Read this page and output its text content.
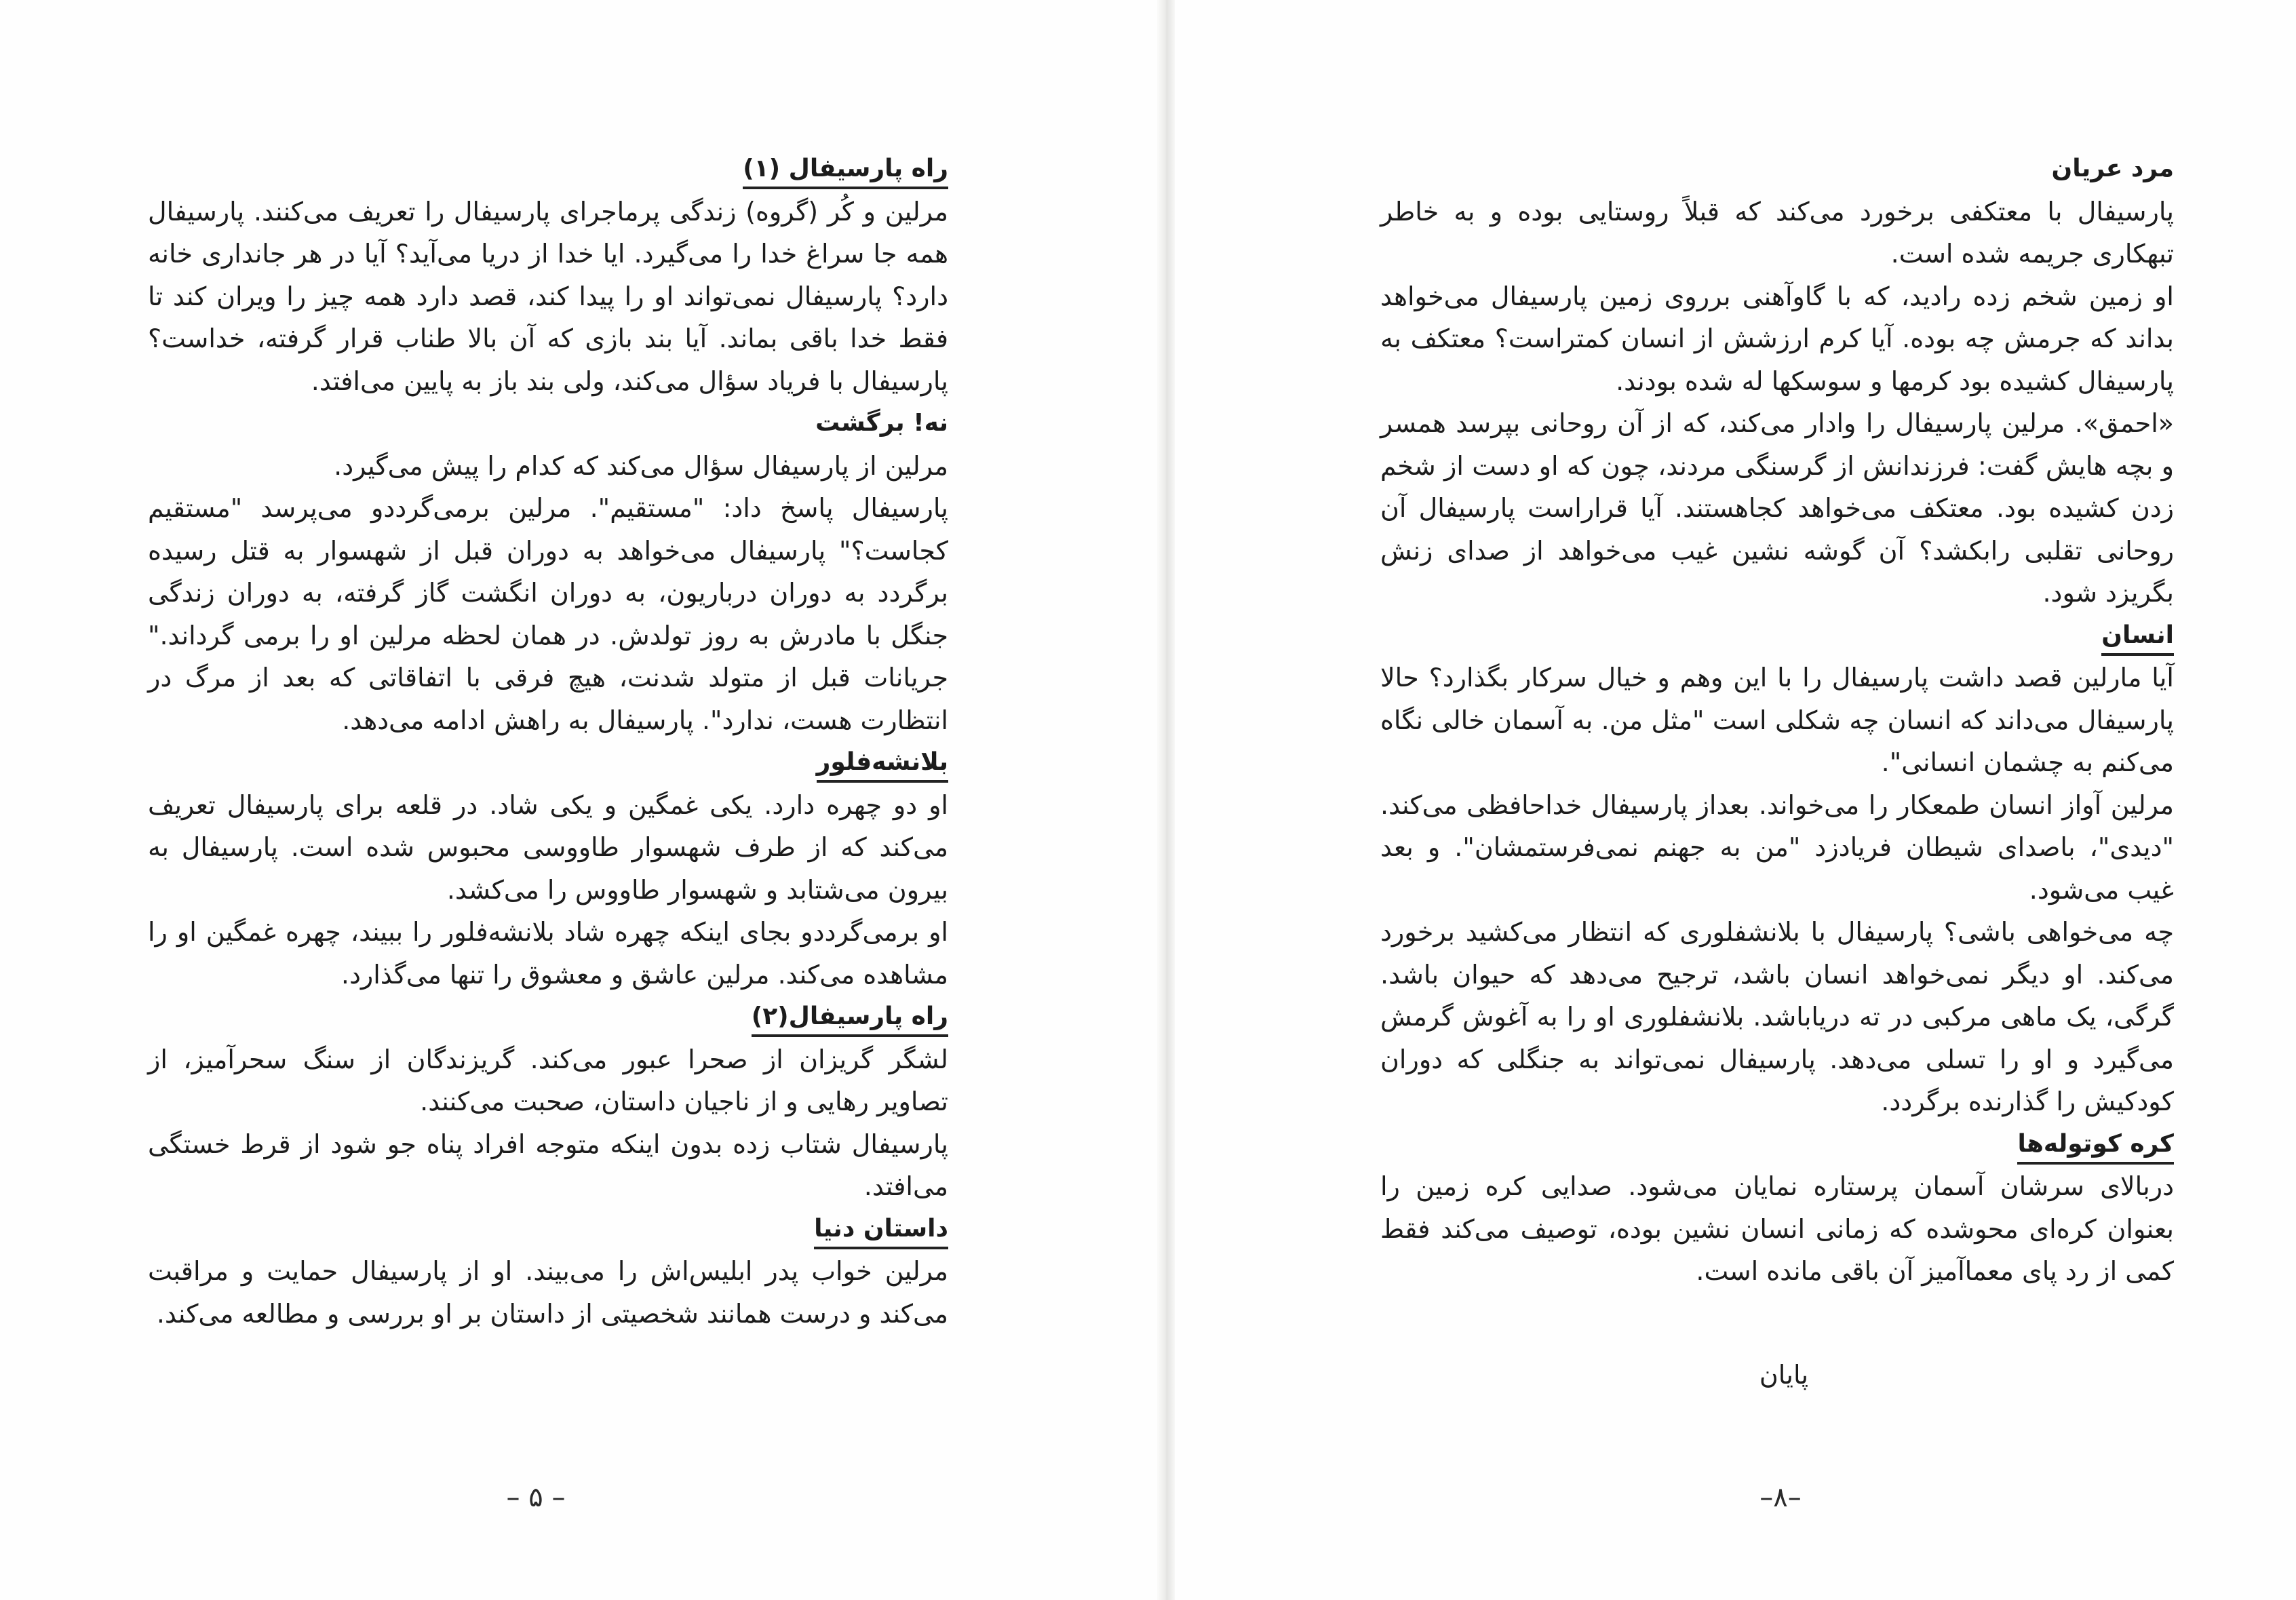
راه پارسیفال (۱)

مرلین و کُر (گروه) زندگی پرماجرای پارسیفال را تعریف می‌کنند. پارسیفال همه جا سراغ خدا را می‌گیرد. ایا خدا از دریا می‌آید؟ آیا در هر جانداری خانه دارد؟ پارسیفال نمی‌تواند او را پیدا کند، قصد دارد همه چیز را ویران کند تا فقط خدا باقی بماند. آیا بند بازی که آن بالا طناب قرار گرفته، خداست؟ پارسیفال با فریاد سؤال می‌کند، ولی بند باز به پایین می‌افتد.

نه! برگشت

مرلین از پارسیفال سؤال می‌کند که کدام را پیش می‌گیرد.

پارسیفال پاسخ داد: "مستقیم". مرلین برمی‌گرددو می‌پرسد "مستقیم کجاست؟" پارسیفال می‌خواهد به دوران قبل از شهسوار به قتل رسیده برگردد به دوران درباریون، به دوران انگشت گاز گرفته، به دوران زندگی جنگل با مادرش به روز تولدش. در همان لحظه مرلین او را برمی گرداند." جریانات قبل از متولد شدنت، هیچ فرقی با اتفاقاتی که بعد از مرگ در انتظارت هست، ندارد". پارسیفال به راهش ادامه می‌دهد.

بلانشه‌فلور

او دو چهره دارد. یکی غمگین و یکی شاد. در قلعه برای پارسیفال تعریف می‌کند که از طرف شهسوار طاووسی محبوس شده است. پارسیفال به بیرون می‌شتابد و شهسوار طاووس را می‌کشد.

او برمی‌گرددو بجای اینکه چهره شاد بلانشه‌فلور را ببیند، چهره غمگین او را مشاهده می‌کند. مرلین عاشق و معشوق را تنها می‌گذارد.

راه پارسیفال(۲)

لشگر گریزان از صحرا عبور می‌کند. گریزندگان از سنگ سحرآمیز، از تصاویر رهایی و از ناجیان داستان، صحبت می‌کنند.

پارسیفال شتاب زده بدون اینکه متوجه افراد پناه جو شود از قرط خستگی می‌افتد.

داستان دنیا

مرلین خواب پدر ابلیس‌اش را می‌بیند. او از پارسیفال حمایت و مراقبت می‌کند و درست همانند شخصیتی از داستان بر او بررسی و مطالعه می‌کند.

– ۵ –

مرد عریان

پارسیفال با معتکفی برخورد می‌کند که قبلاً روستایی بوده و به خاطر تبهکاری جریمه شده است.

او زمین شخم زده رادید، که با گاوآهنی برروی زمین پارسیفال می‌خواهد بداند که جرمش چه بوده. آیا کرم ارزشش از انسان کمتراست؟ معتکف به پارسیفال کشیده بود کرمها و سوسکها له شده بودند.

«احمق». مرلین پارسیفال را وادار می‌کند، که از آن روحانی بپرسد همسر و بچه هایش گفت: فرزندانش از گرسنگی مردند، چون که او دست از شخم زدن کشیده بود. معتکف می‌خواهد کجاهستند. آیا قراراست پارسیفال آن روحانی تقلبی رابکشد؟ آن گوشه نشین غیب می‌خواهد از صدای زنش بگریزد شود.

انسان

آیا مارلین قصد داشت پارسیفال را با این وهم و خیال سرکار بگذارد؟ حالا پارسیفال می‌داند که انسان چه شکلی است "مثل من. به آسمان خالی نگاه می‌کنم به چشمان انسانی".

مرلین آواز انسان طمعکار را می‌خواند. بعداز پارسیفال خداحافظی می‌کند. "دیدی"، باصدای شیطان فریادزد "من به جهنم نمی‌فرستمشان". و بعد غیب می‌شود.

چه می‌خواهی باشی؟ پارسیفال با بلانشفلوری که انتظار می‌کشید برخورد می‌کند. او دیگر نمی‌خواهد انسان باشد، ترجیح می‌دهد که حیوان باشد. گرگی، یک ماهی مرکبی در ته دریاباشد. بلانشفلوری او را به آغوش گرمش می‌گیرد و او را تسلی می‌دهد. پارسیفال نمی‌تواند به جنگلی که دوران کودکیش را گذارنده برگردد.

کره کوتوله‌ها

دربالای سرشان آسمان پرستاره نمایان می‌شود. صدایی کره زمین را بعنوان کره‌ای محوشده که زمانی انسان نشین بوده، توصیف می‌کند فقط کمی از رد پای معماآمیز آن باقی مانده است.

پایان
–۸–
